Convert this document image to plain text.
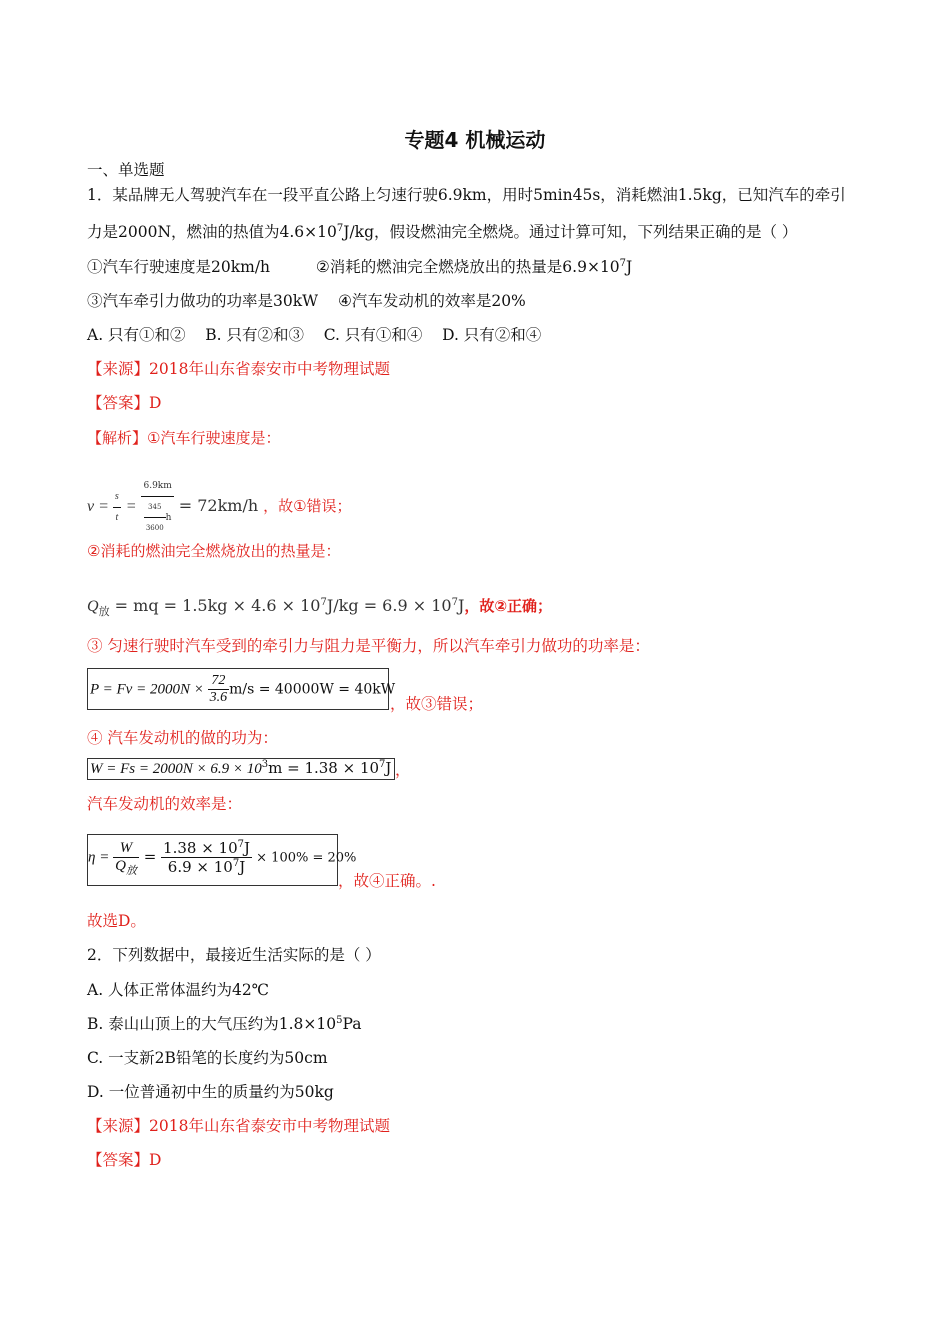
专题4 机械运动
一、单选题
1．某品牌无人驾驶汽车在一段平直公路上匀速行驶6.9km，用时5min45s，消耗燃油1.5kg，已知汽车的牵引
力是2000N，燃油的热值为$4.6\times 10^7J/kg$，假设燃油完全燃烧。通过计算可知，下列结果正确的是（ ）
①汽车行驶速度是20km/h	②消耗的燃油完全燃烧放出的热量是$6.9\times 10^7J$
③汽车牵引力做功的功率是30kW ④汽车发动机的效率是20%
A. 只有①和②    B. 只有②和③    C. 只有①和④    D. 只有②和④
【来源】2018年山东省泰安市中考物理试题
【答案】D
【解析】①汽车行驶速度是：
$v = \frac{s}{t} = \frac{6.9km}{\frac{345}{3600} h} = 72km/h$ ，故①错误；
②消耗的燃油完全燃烧放出的热量是：
$Q_放$ = mq = $1.5kg \times 4.6 \times 10^7J/kg = 6.9 \times 10^7J$，故②正确；
③ 匀速行驶时汽车受到的牵引力与阻力是平衡力，所以汽车牵引力做功的功率是：
$P = Fv = 2000N \times \frac{72}{3.6} m/s = 40000W = 40kW$
，故③错误；
④ 汽车发动机的做的功为：
$W = Fs = 2000N \times 6.9 \times 10^3m = 1.38 \times 10^7J$ ，
汽车发动机的效率是：
$\eta = \frac{W}{Q_放} = \frac{1.38 \times 10^7J}{6.9 \times 10^7J} \times 100\% = 20\%$
，故④正确。.
故选D。
2．下列数据中，最接近生活实际的是（ ）
A. 人体正常体温约为42℃
B. 泰山山顶上的大气压约为$1.8\times 10^5Pa$
C. 一支新2B铅笔的长度约为50cm
D. 一位普通初中生的质量约为50kg
【来源】2018年山东省泰安市中考物理试题
【答案】D
